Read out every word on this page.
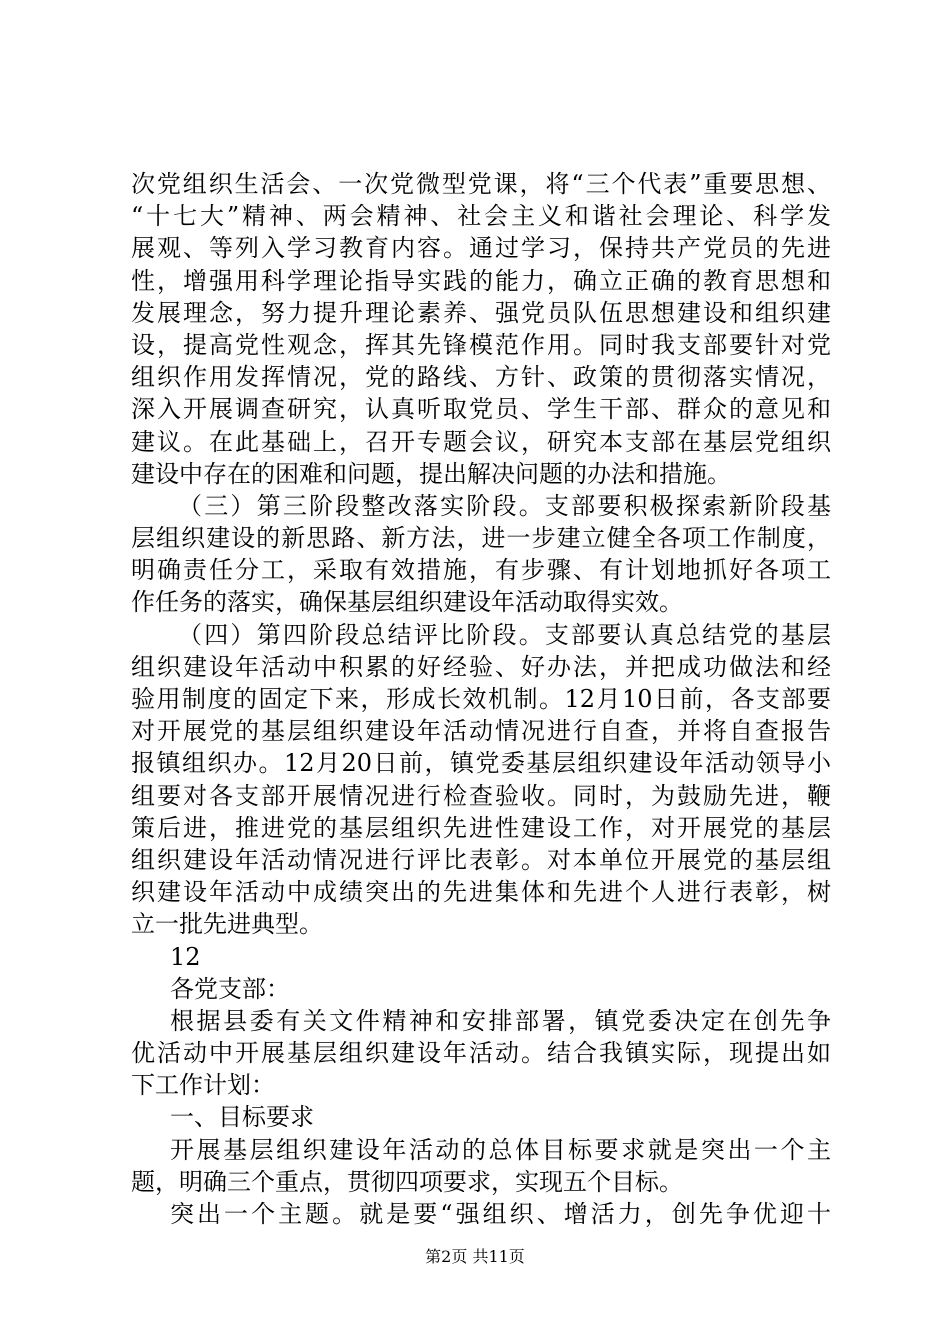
次党组织生活会、一次党微型党课，将“三个代表”重要思想、
“十七大”精神、两会精神、社会主义和谐社会理论、科学发
展观、等列入学习教育内容。通过学习，保持共产党员的先进
性，增强用科学理论指导实践的能力，确立正确的教育思想和
发展理念，努力提升理论素养、强党员队伍思想建设和组织建
设，提高党性观念，挥其先锋模范作用。同时我支部要针对党
组织作用发挥情况，党的路线、方针、政策的贯彻落实情况，
深入开展调查研究，认真听取党员、学生干部、群众的意见和
建议。在此基础上，召开专题会议，研究本支部在基层党组织
建设中存在的困难和问题，提出解决问题的办法和措施。
（三）第三阶段整改落实阶段。支部要积极探索新阶段基
层组织建设的新思路、新方法，进一步建立健全各项工作制度，
明确责任分工，采取有效措施，有步骤、有计划地抓好各项工
作任务的落实，确保基层组织建设年活动取得实效。
（四）第四阶段总结评比阶段。支部要认真总结党的基层
组织建设年活动中积累的好经验、好办法，并把成功做法和经
验用制度的固定下来，形成长效机制。12月10日前，各支部要
对开展党的基层组织建设年活动情况进行自查，并将自查报告
报镇组织办。12月20日前，镇党委基层组织建设年活动领导小
组要对各支部开展情况进行检查验收。同时，为鼓励先进，鞭
策后进，推进党的基层组织先进性建设工作，对开展党的基层
组织建设年活动情况进行评比表彰。对本单位开展党的基层组
织建设年活动中成绩突出的先进集体和先进个人进行表彰，树
立一批先进典型。
12
各党支部：
根据县委有关文件精神和安排部署，镇党委决定在创先争
优活动中开展基层组织建设年活动。结合我镇实际，现提出如
下工作计划：
一、目标要求
开展基层组织建设年活动的总体目标要求就是突出一个主
题，明确三个重点，贯彻四项要求，实现五个目标。
突出一个主题。就是要“强组织、增活力，创先争优迎十
第2页 共11页
